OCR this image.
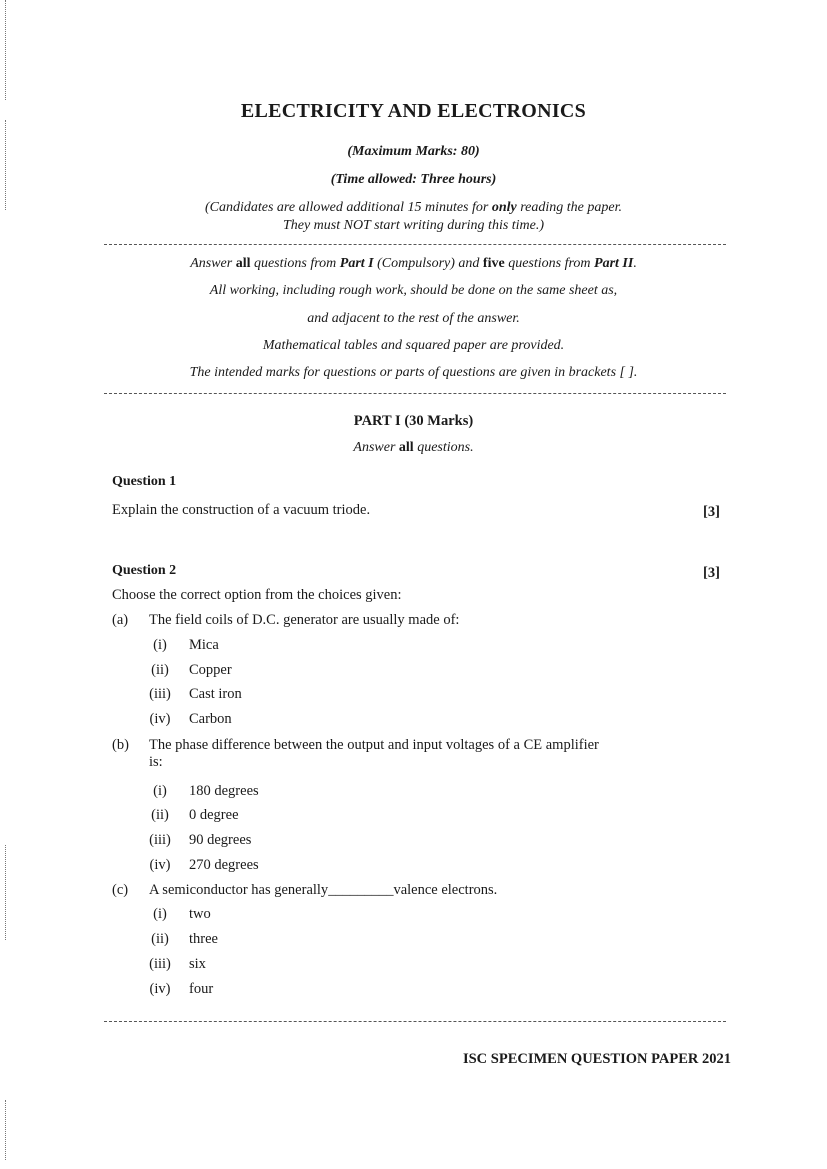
ELECTRICITY AND ELECTRONICS
(Maximum Marks: 80)
(Time allowed: Three hours)
(Candidates are allowed additional 15 minutes for only reading the paper.
They must NOT start writing during this time.)
Answer all questions from Part I (Compulsory) and five questions from Part II.
All working, including rough work, should be done on the same sheet as,
and adjacent to the rest of the answer.
Mathematical tables and squared paper are provided.
The intended marks for questions or parts of questions are given in brackets [ ].
PART I (30 Marks)
Answer all questions.
Question 1
Explain the construction of a vacuum triode.	[3]
Question 2	[3]
Choose the correct option from the choices given:
(a) The field coils of D.C. generator are usually made of:
(i)	Mica
(ii)	Copper
(iii)	Cast iron
(iv)	Carbon
(b) The phase difference between the output and input voltages of a CE amplifier
is:
(i)	180 degrees
(ii)	0 degree
(iii)	90 degrees
(iv)	270 degrees
(c) A semiconductor has generally_________valence electrons.
(i)	two
(ii)	three
(iii)	six
(iv)	four
ISC SPECIMEN QUESTION PAPER 2021
